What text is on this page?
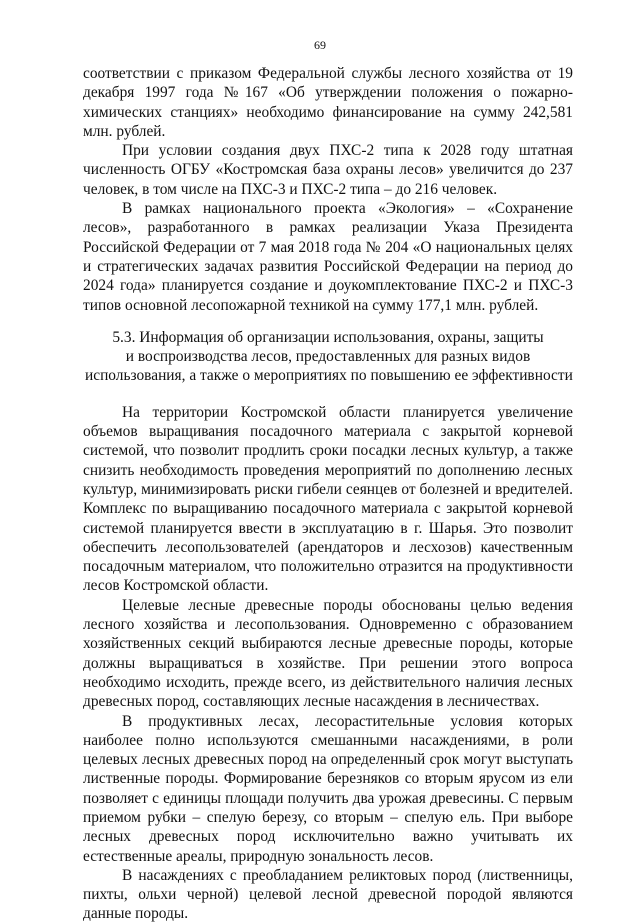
69

соответствии с приказом Федеральной службы лесного хозяйства от 19 декабря 1997 года №167 «Об утверждении положения о пожарно-химических станциях» необходимо финансирование на сумму 242,581 млн. рублей.

При условии создания двух ПХС-2 типа к 2028 году штатная численность ОГБУ «Костромская база охраны лесов» увеличится до 237 человек, в том числе на ПХС-3 и ПХС-2 типа – до 216 человек.

В рамках национального проекта «Экология» – «Сохранение лесов», разработанного в рамках реализации Указа Президента Российской Федерации от 7 мая 2018 года № 204 «О национальных целях и стратегических задачах развития Российской Федерации на период до 2024 года» планируется создание и доукомплектование ПХС-2 и ПХС-3 типов основной лесопожарной техникой на сумму 177,1 млн. рублей.

5.3. Информация об организации использования, охраны, защиты
и воспроизводства лесов, предоставленных для разных видов
использования, а также о мероприятиях по повышению ее эффективности

На территории Костромской области планируется увеличение объемов выращивания посадочного материала с закрытой корневой системой, что позволит продлить сроки посадки лесных культур, а также снизить необходимость проведения мероприятий по дополнению лесных культур, минимизировать риски гибели сеянцев от болезней и вредителей. Комплекс по выращиванию посадочного материала с закрытой корневой системой планируется ввести в эксплуатацию в г. Шарья. Это позволит обеспечить лесопользователей (арендаторов и лесхозов) качественным посадочным материалом, что положительно отразится на продуктивности лесов Костромской области.

Целевые лесные древесные породы обоснованы целью ведения лесного хозяйства и лесопользования. Одновременно с образованием хозяйственных секций выбираются лесные древесные породы, которые должны выращиваться в хозяйстве. При решении этого вопроса необходимо исходить, прежде всего, из действительного наличия лесных древесных пород, составляющих лесные насаждения в лесничествах.

В продуктивных лесах, лесорастительные условия которых наиболее полно используются смешанными насаждениями, в роли целевых лесных древесных пород на определенный срок могут выступать лиственные породы. Формирование березняков со вторым ярусом из ели позволяет с единицы площади получить два урожая древесины. С первым приемом рубки – спелую березу, со вторым – спелую ель. При выборе лесных древесных пород исключительно важно учитывать их естественные ареалы, природную зональность лесов.

В насаждениях с преобладанием реликтовых пород (лиственницы, пихты, ольхи черной) целевой лесной древесной породой являются данные породы.
